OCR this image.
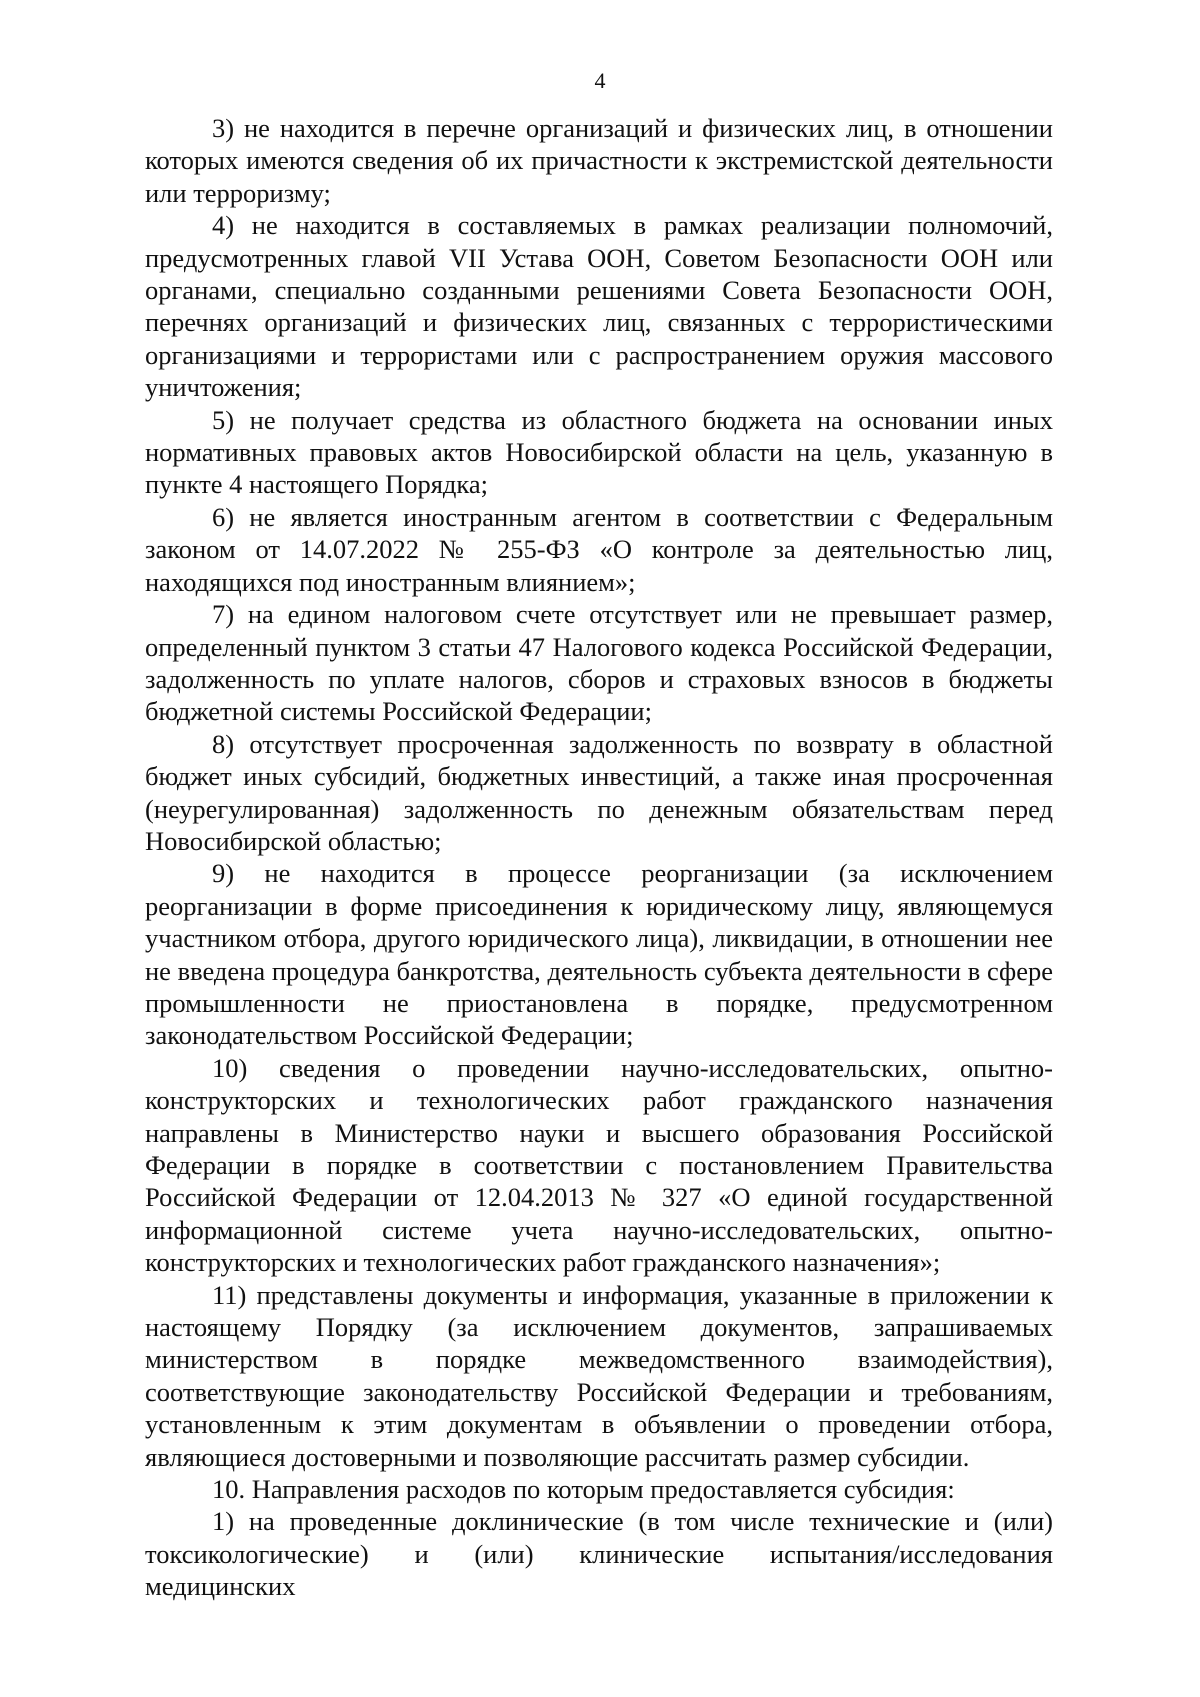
4

3) не находится в перечне организаций и физических лиц, в отношении которых имеются сведения об их причастности к экстремистской деятельности или терроризму;

4) не находится в составляемых в рамках реализации полномочий, предусмотренных главой VII Устава ООН, Советом Безопасности ООН или органами, специально созданными решениями Совета Безопасности ООН, перечнях организаций и физических лиц, связанных с террористическими организациями и террористами или с распространением оружия массового уничтожения;

5) не получает средства из областного бюджета на основании иных нормативных правовых актов Новосибирской области на цель, указанную в пункте 4 настоящего Порядка;

6) не является иностранным агентом в соответствии с Федеральным законом от 14.07.2022 № 255-ФЗ «О контроле за деятельностью лиц, находящихся под иностранным влиянием»;

7) на едином налоговом счете отсутствует или не превышает размер, определенный пунктом 3 статьи 47 Налогового кодекса Российской Федерации, задолженность по уплате налогов, сборов и страховых взносов в бюджеты бюджетной системы Российской Федерации;

8) отсутствует просроченная задолженность по возврату в областной бюджет иных субсидий, бюджетных инвестиций, а также иная просроченная (неурегулированная) задолженность по денежным обязательствам перед Новосибирской областью;

9) не находится в процессе реорганизации (за исключением реорганизации в форме присоединения к юридическому лицу, являющемуся участником отбора, другого юридического лица), ликвидации, в отношении нее не введена процедура банкротства, деятельность субъекта деятельности в сфере промышленности не приостановлена в порядке, предусмотренном законодательством Российской Федерации;

10) сведения о проведении научно-исследовательских, опытно-конструкторских и технологических работ гражданского назначения направлены в Министерство науки и высшего образования Российской Федерации в порядке в соответствии с постановлением Правительства Российской Федерации от 12.04.2013 № 327 «О единой государственной информационной системе учета научно-исследовательских, опытно-конструкторских и технологических работ гражданского назначения»;

11) представлены документы и информация, указанные в приложении к настоящему Порядку (за исключением документов, запрашиваемых министерством в порядке межведомственного взаимодействия), соответствующие законодательству Российской Федерации и требованиям, установленным к этим документам в объявлении о проведении отбора, являющиеся достоверными и позволяющие рассчитать размер субсидии.

10. Направления расходов по которым предоставляется субсидия:

1) на проведенные доклинические (в том числе технические и (или) токсикологические) и (или) клинические испытания/исследования медицинских
